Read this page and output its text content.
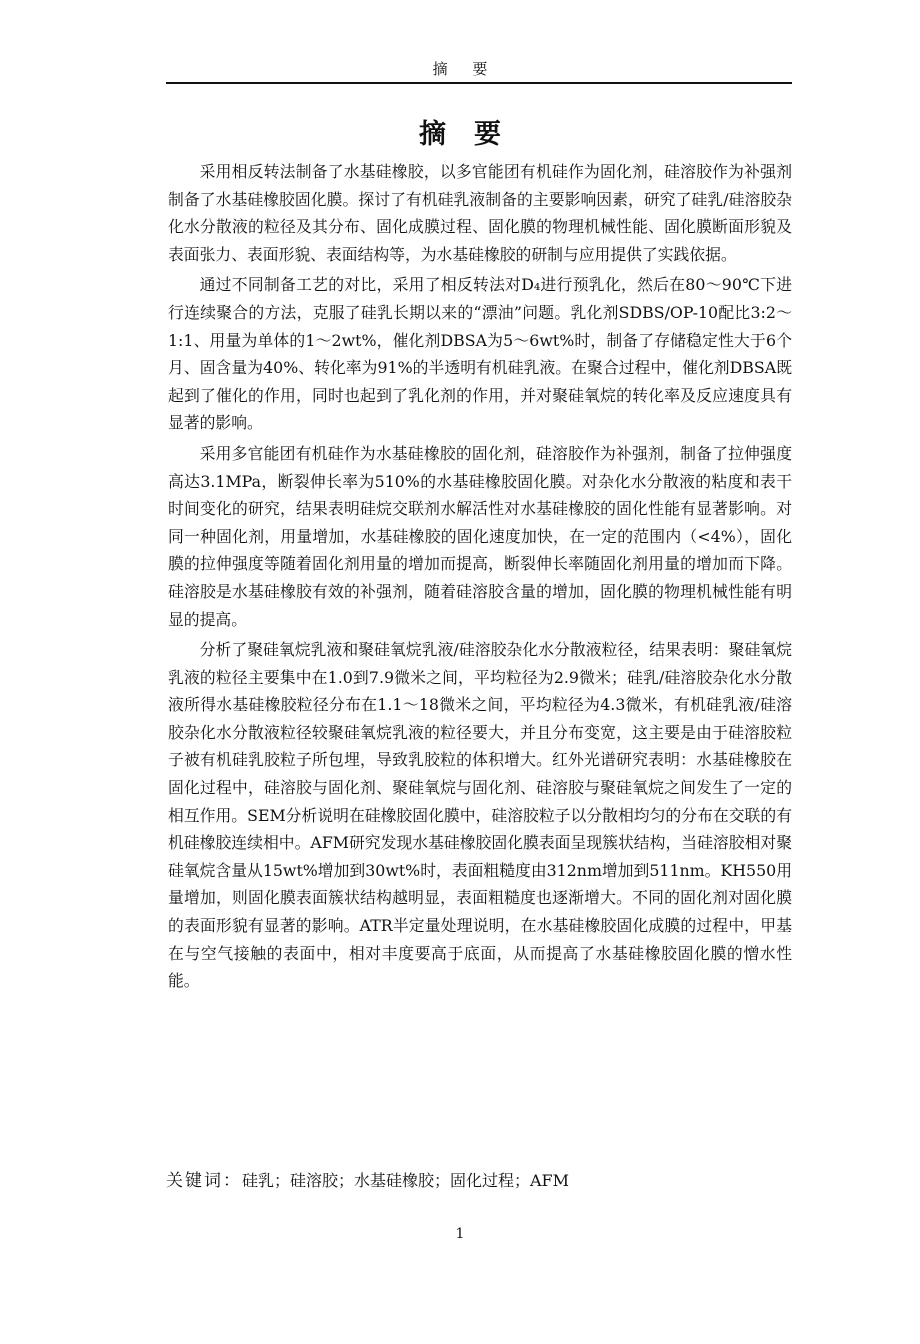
摘 要
摘要

采用相反转法制备了水基硅橡胶，以多官能团有机硅作为固化剂，硅溶胶作为补强剂制备了水基硅橡胶固化膜。探讨了有机硅乳液制备的主要影响因素，研究了硅乳/硅溶胶杂化水分散液的粒径及其分布、固化成膜过程、固化膜的物理机械性能、固化膜断面形貌及表面张力、表面形貌、表面结构等，为水基硅橡胶的研制与应用提供了实践依据。

通过不同制备工艺的对比，采用了相反转法对D₄进行预乳化，然后在80～90℃下进行连续聚合的方法，克服了硅乳长期以来的“漂油”问题。乳化剂SDBS/OP-10配比3:2～1:1、用量为单体的1～2wt%，催化剂DBSA为5～6wt%时，制备了存储稳定性大于6个月、固含量为40%、转化率为91%的半透明有机硅乳液。在聚合过程中，催化剂DBSA既起到了催化的作用，同时也起到了乳化剂的作用，并对聚硅氧烷的转化率及反应速度具有显著的影响。

采用多官能团有机硅作为水基硅橡胶的固化剂，硅溶胶作为补强剂，制备了拉伸强度高达3.1MPa，断裂伸长率为510%的水基硅橡胶固化膜。对杂化水分散液的粘度和表干时间变化的研究，结果表明硅烷交联剂水解活性对水基硅橡胶的固化性能有显著影响。对同一种固化剂，用量增加，水基硅橡胶的固化速度加快，在一定的范围内（<4%），固化膜的拉伸强度等随着固化剂用量的增加而提高，断裂伸长率随固化剂用量的增加而下降。硅溶胶是水基硅橡胶有效的补强剂，随着硅溶胶含量的增加，固化膜的物理机械性能有明显的提高。

分析了聚硅氧烷乳液和聚硅氧烷乳液/硅溶胶杂化水分散液粒径，结果表明：聚硅氧烷乳液的粒径主要集中在1.0到7.9微米之间，平均粒径为2.9微米；硅乳/硅溶胶杂化水分散液所得水基硅橡胶粒径分布在1.1～18微米之间，平均粒径为4.3微米，有机硅乳液/硅溶胶杂化水分散液粒径较聚硅氧烷乳液的粒径要大，并且分布变宽，这主要是由于硅溶胶粒子被有机硅乳胶粒子所包埋，导致乳胶粒的体积增大。红外光谱研究表明：水基硅橡胶在固化过程中，硅溶胶与固化剂、聚硅氧烷与固化剂、硅溶胶与聚硅氧烷之间发生了一定的相互作用。SEM分析说明在硅橡胶固化膜中，硅溶胶粒子以分散相均匀的分布在交联的有机硅橡胶连续相中。AFM研究发现水基硅橡胶固化膜表面呈现簇状结构，当硅溶胶相对聚硅氧烷含量从15wt%增加到30wt%时，表面粗糙度由312nm增加到511nm。KH550用量增加，则固化膜表面簇状结构越明显，表面粗糙度也逐渐增大。不同的固化剂对固化膜的表面形貌有显著的影响。ATR半定量处理说明，在水基硅橡胶固化成膜的过程中，甲基在与空气接触的表面中，相对丰度要高于底面，从而提高了水基硅橡胶固化膜的憎水性能。

关键词：硅乳；硅溶胶；水基硅橡胶；固化过程；AFM
1
